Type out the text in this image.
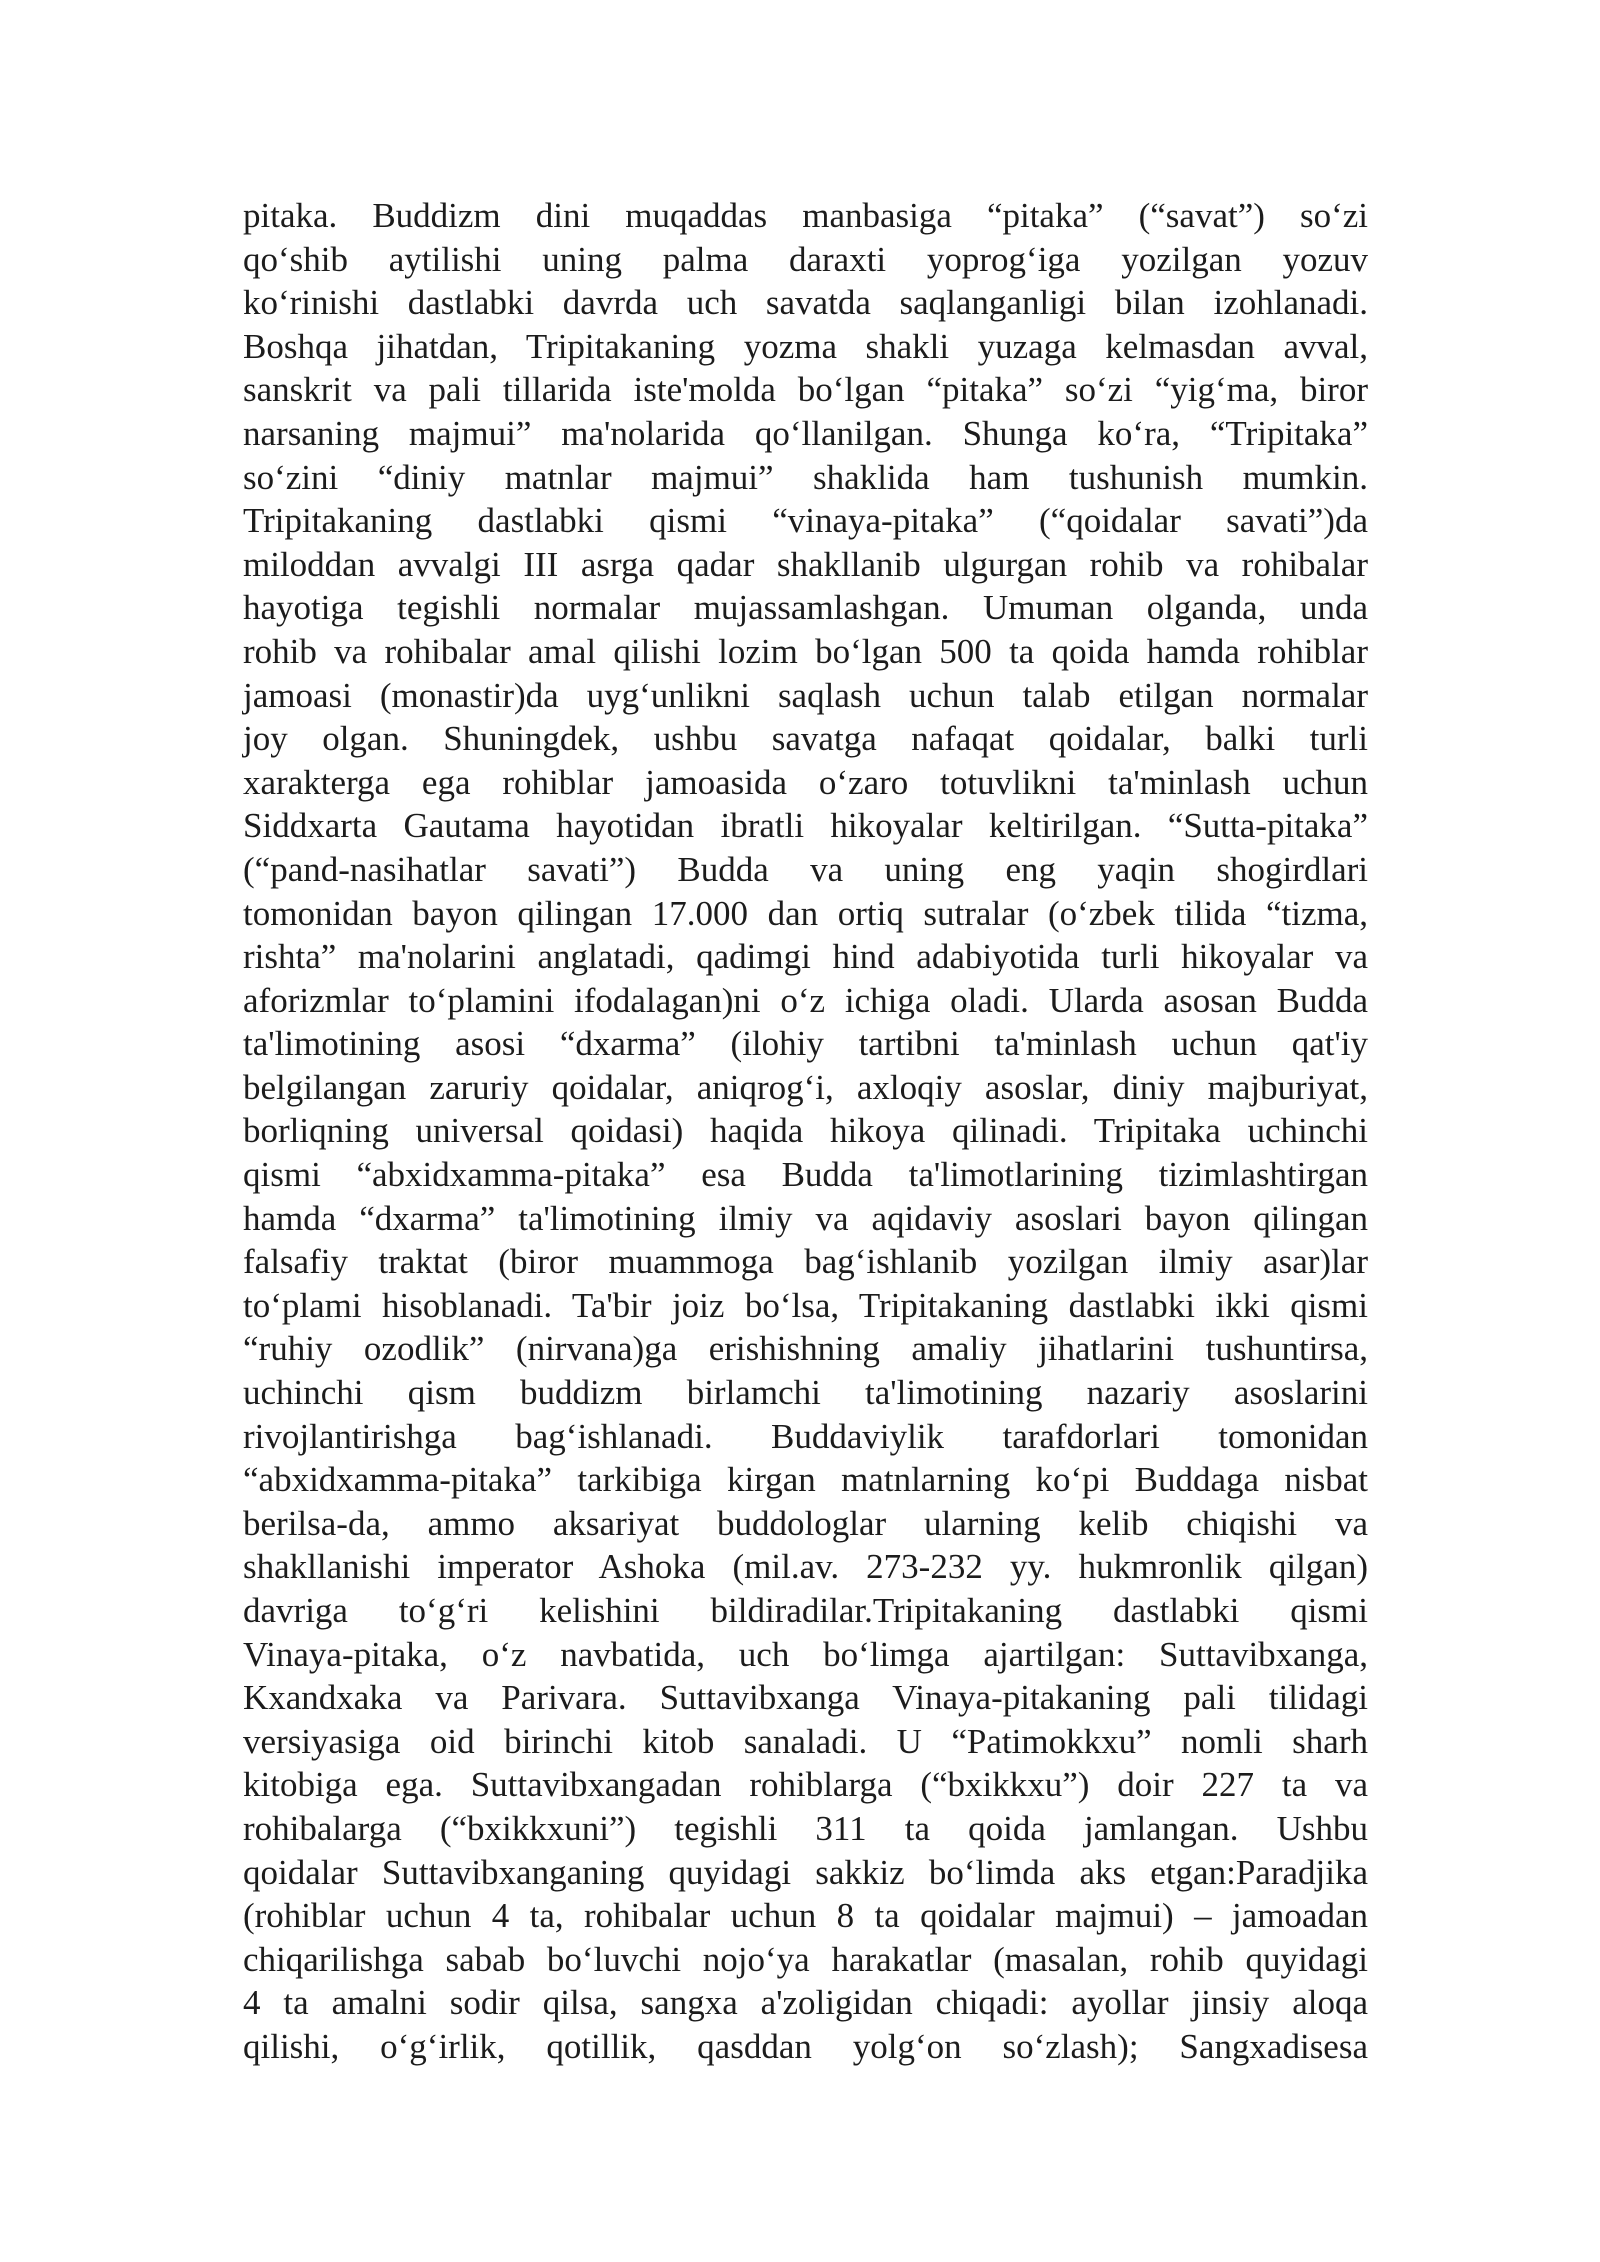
pitaka. Buddizm dini muqaddas manbasiga “pitaka” (“savat”) so‘zi
qo‘shib aytilishi uning palma daraxti yoprog‘iga yozilgan yozuv
ko‘rinishi dastlabki davrda uch savatda saqlanganligi bilan izohlanadi.
Boshqa jihatdan, Tripitakaning yozma shakli yuzaga kelmasdan avval,
sanskrit va pali tillarida iste'molda bo‘lgan “pitaka” so‘zi “yig‘ma, biror
narsaning majmui” ma'nolarida qo‘llanilgan. Shunga ko‘ra, “Tripitaka”
so‘zini “diniy matnlar majmui” shaklida ham tushunish mumkin.
Tripitakaning dastlabki qismi “vinaya-pitaka” (“qoidalar savati”)da
miloddan avvalgi III asrga qadar shakllanib ulgurgan rohib va rohibalar
hayotiga tegishli normalar mujassamlashgan. Umuman olganda, unda
rohib va rohibalar amal qilishi lozim bo‘lgan 500 ta qoida hamda rohiblar
jamoasi (monastir)da uyg‘unlikni saqlash uchun talab etilgan normalar
joy olgan. Shuningdek, ushbu savatga nafaqat qoidalar, balki turli
xarakterga ega rohiblar jamoasida o‘zaro totuvlikni ta'minlash uchun
Siddxarta Gautama hayotidan ibratli hikoyalar keltirilgan. “Sutta-pitaka”
(“pand-nasihatlar savati”) Budda va uning eng yaqin shogirdlari
tomonidan bayon qilingan 17.000 dan ortiq sutralar (o‘zbek tilida “tizma,
rishta” ma'nolarini anglatadi, qadimgi hind adabiyotida turli hikoyalar va
aforizmlar to‘plamini ifodalagan)ni o‘z ichiga oladi. Ularda asosan Budda
ta'limotining asosi “dxarma” (ilohiy tartibni ta'minlash uchun qat'iy
belgilangan zaruriy qoidalar, aniqrog‘i, axloqiy asoslar, diniy majburiyat,
borliqning universal qoidasi) haqida hikoya qilinadi. Tripitaka uchinchi
qismi “abxidxamma-pitaka” esa Budda ta'limotlarining tizimlashtirgan
hamda “dxarma” ta'limotining ilmiy va aqidaviy asoslari bayon qilingan
falsafiy traktat (biror muammoga bag‘ishlanib yozilgan ilmiy asar)lar
to‘plami hisoblanadi. Ta'bir joiz bo‘lsa, Tripitakaning dastlabki ikki qismi
“ruhiy ozodlik” (nirvana)ga erishishning amaliy jihatlarini tushuntirsa,
uchinchi qism buddizm birlamchi ta'limotining nazariy asoslarini
rivojlantirishga bag‘ishlanadi. Buddaviylik tarafdorlari tomonidan
“abxidxamma-pitaka” tarkibiga kirgan matnlarning ko‘pi Buddaga nisbat
berilsa-da, ammo aksariyat buddologlar ularning kelib chiqishi va
shakllanishi imperator Ashoka (mil.av. 273-232 yy. hukmronlik qilgan)
davriga to‘g‘ri kelishini bildiradilar.Tripitakaning dastlabki qismi
Vinaya-pitaka, o‘z navbatida, uch bo‘limga ajartilgan: Suttavibxanga,
Kxandxaka va Parivara. Suttavibxanga Vinaya-pitakaning pali tilidagi
versiyasiga oid birinchi kitob sanaladi. U “Patimokkxu” nomli sharh
kitobiga ega. Suttavibxangadan rohiblarga (“bxikkxu”) doir 227 ta va
rohibalarga (“bxikkxuni”) tegishli 311 ta qoida jamlangan. Ushbu
qoidalar Suttavibxanganing quyidagi sakkiz bo‘limda aks etgan:Paradjika
(rohiblar uchun 4 ta, rohibalar uchun 8 ta qoidalar majmui) – jamoadan
chiqarilishga sabab bo‘luvchi nojo‘ya harakatlar (masalan, rohib quyidagi
4 ta amalni sodir qilsa, sangxa a'zoligidan chiqadi: ayollar jinsiy aloqa
qilishi, o‘g‘irlik, qotillik, qasddan yolg‘on so‘zlash); Sangxadisesa
